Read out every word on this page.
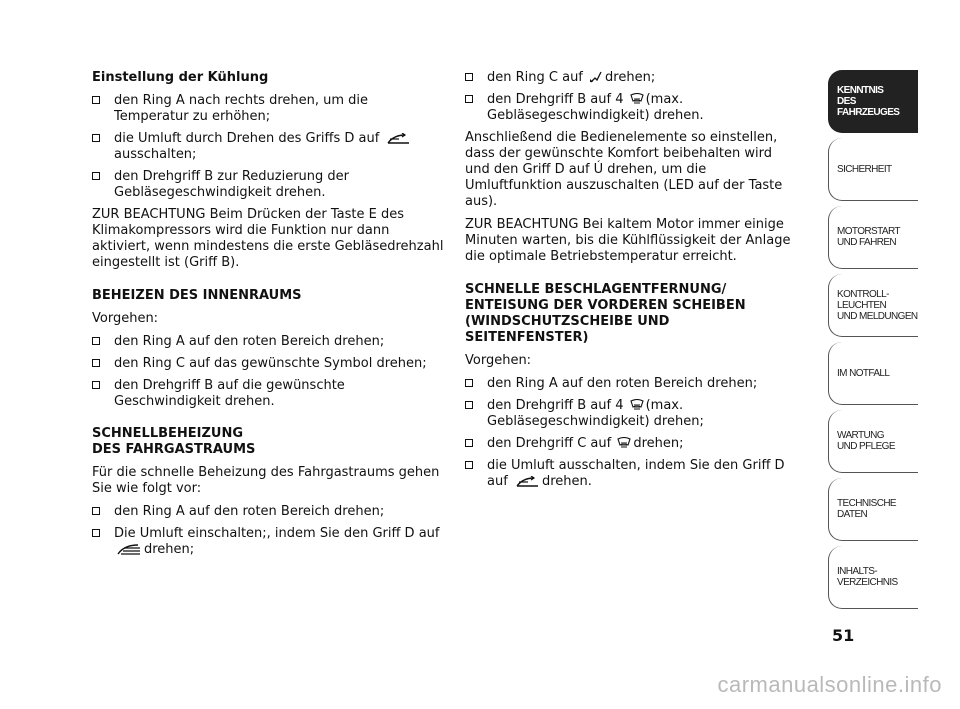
Einstellung der Kühlung
den Ring A nach rechts drehen, um die Temperatur zu erhöhen;
die Umluft durch Drehen des Griffs D auf

ausschalten;
den Drehgriff B zur Reduzierung der Gebläsegeschwindigkeit drehen.

ZUR BEACHTUNG Beim Drücken der Taste E des Klimakompressors wird die Funktion nur dann aktiviert, wenn mindestens die erste Gebläsedrehzahl eingestellt ist (Griff B).

BEHEIZEN DES INNENRAUMS

Vorgehen:

den Ring A auf den roten Bereich drehen;
den Ring C auf das gewünschte Symbol drehen;
den Drehgriff B auf die gewünschte Geschwindigkeit drehen.
SCHNELLBEHEIZUNG
DES FAHRGASTRAUMS

Für die schnelle Beheizung des Fahrgastraums gehen Sie wie folgt vor:

den Ring A auf den roten Bereich drehen;
Die Umluft einschalten;, indem Sie den Griff D auf
drehen;
den Ring C auf drehen;
den Drehgriff B auf 4 (max. Gebläsegeschwindigkeit) drehen.

Anschließend die Bedienelemente so einstellen, dass der gewünschte Komfort beibehalten wird und den Griff D auf Ú drehen, um die Umluftfunktion auszuschalten (LED auf der Taste aus).

ZUR BEACHTUNG Bei kaltem Motor immer einige Minuten warten, bis die Kühlflüssigkeit der Anlage die optimale Betriebstemperatur erreicht.

SCHNELLE BESCHLAGENTFERNUNG/ ENTEISUNG DER VORDEREN SCHEIBEN (WINDSCHUTZSCHEIBE UND SEITENFENSTER)

Vorgehen:

den Ring A auf den roten Bereich drehen;
den Drehgriff B auf 4 (max. Gebläsegeschwindigkeit) drehen;
den Drehgriff C auf drehen;
die Umluft ausschalten, indem Sie den Griff D auf	drehen.
KENNTNIS
DES FAHRZEUGES
SICHERHEIT
MOTORSTART
UND FAHREN
KONTROLL-
LEUCHTEN
UND MELDUNGEN
IM NOTFALL
WARTUNG
UND PFLEGE
TECHNISCHE
DATEN
INHALTS-
VERZEICHNIS
51
carmanualsonline.info
